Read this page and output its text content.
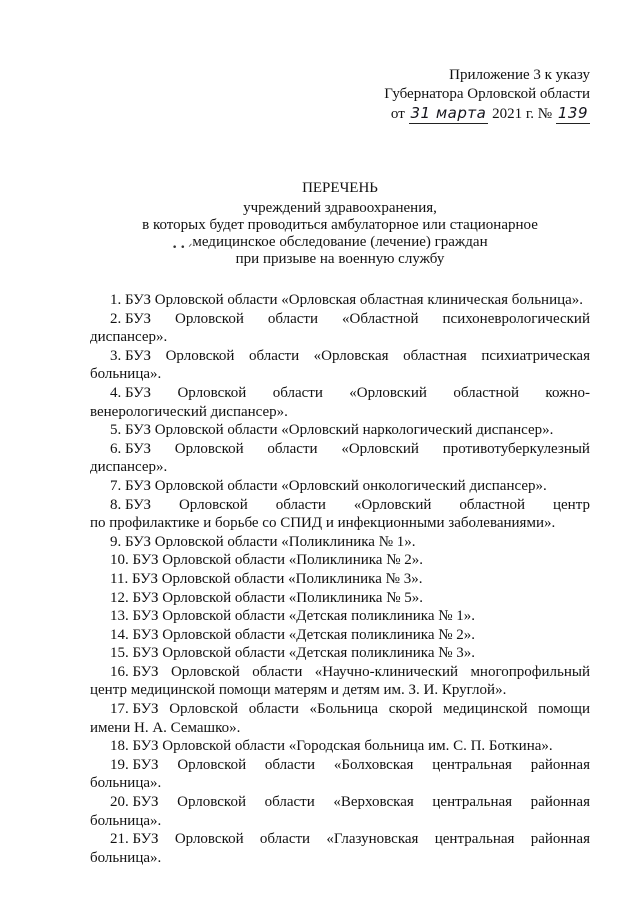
Приложение 3 к указу
Губернатора Орловской области
от 31 марта 2021 г. № 139
ПЕРЕЧЕНЬ
учреждений здравоохранения,
в которых будет проводиться амбулаторное или стационарное
медицинское обследование (лечение) граждан
при призыве на военную службу
• • ᐟ
1. БУЗ Орловской области «Орловская областная клиническая больница».
2. БУЗ Орловской области «Областной психоневрологический
диспансер».
3. БУЗ Орловской области «Орловская областная психиатрическая
больница».
4. БУЗ Орловской области «Орловский областной кожно-
венерологический диспансер».
5. БУЗ Орловской области «Орловский наркологический диспансер».
6. БУЗ Орловской области «Орловский противотуберкулезный
диспансер».
7. БУЗ Орловской области «Орловский онкологический диспансер».
8. БУЗ Орловской области «Орловский областной центр
по профилактике и борьбе со СПИД и инфекционными заболеваниями».
9. БУЗ Орловской области «Поликлиника № 1».
10. БУЗ Орловской области «Поликлиника № 2».
11. БУЗ Орловской области «Поликлиника № 3».
12. БУЗ Орловской области «Поликлиника № 5».
13. БУЗ Орловской области «Детская поликлиника № 1».
14. БУЗ Орловской области «Детская поликлиника № 2».
15. БУЗ Орловской области «Детская поликлиника № 3».
16. БУЗ Орловской области «Научно-клинический многопрофильный
центр медицинской помощи матерям и детям им. З. И. Круглой».
17. БУЗ Орловской области «Больница скорой медицинской помощи
имени Н. А. Семашко».
18. БУЗ Орловской области «Городская больница им. С. П. Боткина».
19. БУЗ Орловской области «Болховская центральная районная
больница».
20. БУЗ Орловской области «Верховская центральная районная
больница».
21. БУЗ Орловской области «Глазуновская центральная районная
больница».
